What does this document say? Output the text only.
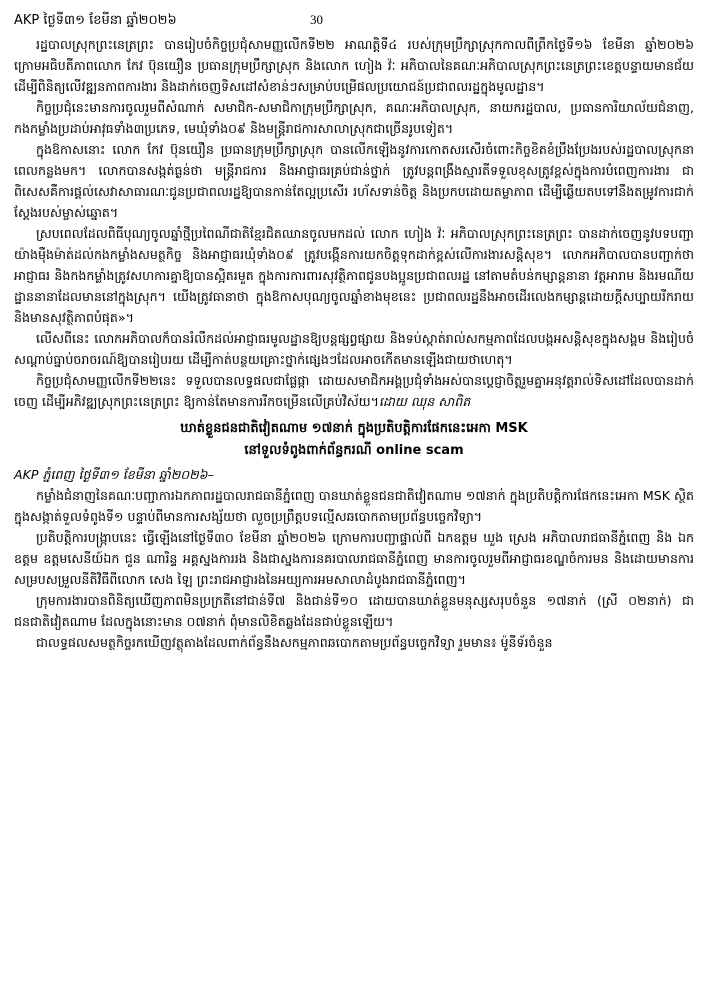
AKP ថ្ងៃទី៣១ ខែមីនា ឆ្នាំ២០២៦	30

រដ្ឋបាលស្រុកព្រះនេត្រព្រះ បានរៀបចំកិច្ចប្រជុំសាមញ្ញលើកទី២២ អាណត្តិទី៤ របស់ក្រុមប្រឹក្សាស្រុកកាលពីព្រឹកថ្ងៃទី១៦ ខែមីនា ឆ្នាំ២០២៦ ក្រោមអធិបតីភាពលោក កែវ ប៊ុនយឿន ប្រធានក្រុមប្រឹក្សាស្រុក និងលោក ហៀង វ៉ៈ អភិបាលនៃគណៈអភិបាលស្រុកព្រះនេត្រព្រះខេត្តបន្ទាយមានជ័យ ដើម្បីពិនិត្យលើវឌ្ឍនភាពការងារ និងដាក់ចេញទិសដៅសំខាន់ៗសម្រាប់បម្រើផលប្រយោជន៍ប្រជាពលរដ្ឋក្នុងមូលដ្ឋាន។

កិច្ចប្រជុំនេះមានការចូលរួមពីសំណាក់ សមាជិក-សមាជិកាក្រុមប្រឹក្សាស្រុក, គណៈអភិបាលស្រុក, នាយករដ្ឋបាល, ប្រធានការិយាល័យជំនាញ, កងកម្លាំងប្រដាប់អាវុធទាំង៣ប្រភេទ, មេឃុំទាំង០៩ និងមន្ត្រីរាជការសាលាស្រុកជាច្រើនរូបទៀត។

ក្នុងឱកាសនោះ លោក កែវ ប៊ុនយឿន ប្រធានក្រុមប្រឹក្សាស្រុក បានលើកឡើងនូវការកោតសរសើរចំពោះកិច្ចខិតខំប្រឹងប្រែងរបស់រដ្ឋបាលស្រុកនាពេលកន្លងមក។ លោកបានសង្កត់ធ្ងន់ថា មន្ត្រីរាជការ និងអាជ្ញាធរគ្រប់ជាន់ថ្នាក់ ត្រូវបន្តពង្រឹងស្មារតីទទួលខុសត្រូវខ្ពស់ក្នុងការបំពេញការងារ ជាពិសេសគឺការផ្តល់សេវាសាធារណៈជូនប្រជាពលរដ្ឋឱ្យបានកាន់តែល្អប្រសើរ រហ័សទាន់ចិត្ត និងប្រកបដោយតម្លាភាព ដើម្បីឆ្លើយតបទៅនឹងតម្រូវការជាក់ស្តែងរបស់ម្ចាស់ឆ្នោត។

ស្របពេលដែលពិធីបុណ្យចូលឆ្នាំថ្មីប្រពៃណីជាតិខ្មែរជិតឈានចូលមកដល់ លោក ហៀង វ៉ៈ អភិបាលស្រុកព្រះនេត្រព្រះ បានដាក់ចេញនូវបទបញ្ជាយ៉ាងម៉ឺងម៉ាត់ដល់កងកម្លាំងសមត្ថកិច្ច និងអាជ្ញាធរឃុំទាំង០៩ ត្រូវបង្កើនការយកចិត្តទុកដាក់ខ្ពស់លើការងារសន្តិសុខ។ លោកអភិបាលបានបញ្ជាក់ថា អាជ្ញាធរ និងកងកម្លាំងត្រូវសហការគ្នាឱ្យបានស្អិតរមួត ក្នុងការការពារសុវត្ថិភាពជូនបងប្អូនប្រជាពលរដ្ឋ នៅតាមតំបន់កម្សាន្តនានា វត្តអារាម និងរមណីយដ្ឋាននានាដែលមាននៅក្នុងស្រុក។ យើងត្រូវធានាថា ក្នុងឱកាសបុណ្យចូលឆ្នាំខាងមុខនេះ ប្រជាពលរដ្ឋនឹងអាចដើរលេងកម្សាន្តដោយក្តីសប្បាយរីករាយ និងមានសុវត្ថិភាពបំផុត»។

លើសពីនេះ លោកអភិបាលក៏បានរំលឹកដល់អាជ្ញាធរមូលដ្ឋានឱ្យបន្តផ្សព្វផ្សាយ និងទប់ស្កាត់រាល់សកម្មភាពដែលបង្កអសន្តិសុខក្នុងសង្គម និងរៀបចំសណ្តាប់ធ្នាប់ចរាចរណ៍ឱ្យបានរៀបរយ ដើម្បីកាត់បន្ថយគ្រោះថ្នាក់ផ្សេងៗដែលអាចកើតមានឡើងជាយថាហេតុ។

កិច្ចប្រជុំសាមញ្ញលើកទី២២នេះ ទទួលបានលទ្ធផលជាផ្លែផ្កា ដោយសមាជិកអង្គប្រជុំទាំងអស់បានប្តេជ្ញាចិត្តរួមគ្នាអនុវត្តរាល់ទិសដៅដែលបានដាក់ចេញ ដើម្បីអភិវឌ្ឍស្រុកព្រះនេត្រព្រះ ឱ្យកាន់តែមានការរីកចម្រើនលើគ្រប់វិស័យ។ដោយ ឈុន សាពិត

ឃាត់ខ្លួនជនជាតិវៀតណាម ១៧នាក់ ក្នុងប្រតិបត្តិការផែកនេះអេកា MSK
នៅទួលទំពូងពាក់ព័ន្ធករណី online scam

AKP ភ្នំពេញ ថ្ងៃទី៣១ ខែមីនា ឆ្នាំ២០២៦–

កម្លាំងជំនាញនៃគណៈបញ្ជាការឯកភាពរដ្ឋបាលរាជធានីភ្នំពេញ បានឃាត់ខ្លួនជនជាតិវៀតណាម ១៧នាក់ ក្នុងប្រតិបត្តិការផែកនេះអេកា MSK ស្ថិតក្នុងសង្កាត់ទួលទំពូងទី១ បន្ទាប់ពីមានការសង្ស័យថា លួចប្រព្រឹត្តបទល្មើសឆបោកតាមប្រព័ន្ធបច្ចេកវិទ្យា។

ប្រតិបត្តិការបង្ក្រាបនេះ ធ្វើឡើងនៅថ្ងៃទី៣០ ខែមីនា ឆ្នាំ២០២៦ ក្រោមការបញ្ជាផ្ទាល់ពី ឯកឧត្តម ឃួង ស្រេង អភិបាលរាជធានីភ្នំពេញ និង ឯកឧត្តម ឧត្តមសេនីយ៍ឯក ជួន ណារិន្ទ អគ្គស្នងការរង និងជាស្នងការនគរបាលរាជធានីភ្នំពេញ មានការចូលរួមពីអាជ្ញាធរខណ្ឌចំការមន និងដោយមានការសម្របសម្រួលនីតិវិធីពីលោក សេង ឡៃ ព្រះរាជអាជ្ញារងនៃអយ្យការអមសាលាដំបូងរាជធានីភ្នំពេញ។

ក្រុមការងារបានពិនិត្យឃើញភាពមិនប្រក្រតីនៅជាន់ទី៧ និងជាន់ទី១០ ដោយបានឃាត់ខ្លួនមនុស្សសរុបចំនួន ១៧នាក់ (ស្រី ០២នាក់) ជាជនជាតិវៀតណាម ដែលក្នុងនោះមាន ០៧នាក់ ពុំមានលិខិតឆ្លងដែនជាប់ខ្លួនឡើយ។

ជាលទ្ធផលសមត្ថកិច្ចរកឃើញវត្ថុតាងដែលពាក់ព័ន្ធនឹងសកម្មភាពឆបោកតាមប្រព័ន្ធបច្ចេកវិទ្យា រួមមាន៖ ម៉ូនីទ័រចំនួន
